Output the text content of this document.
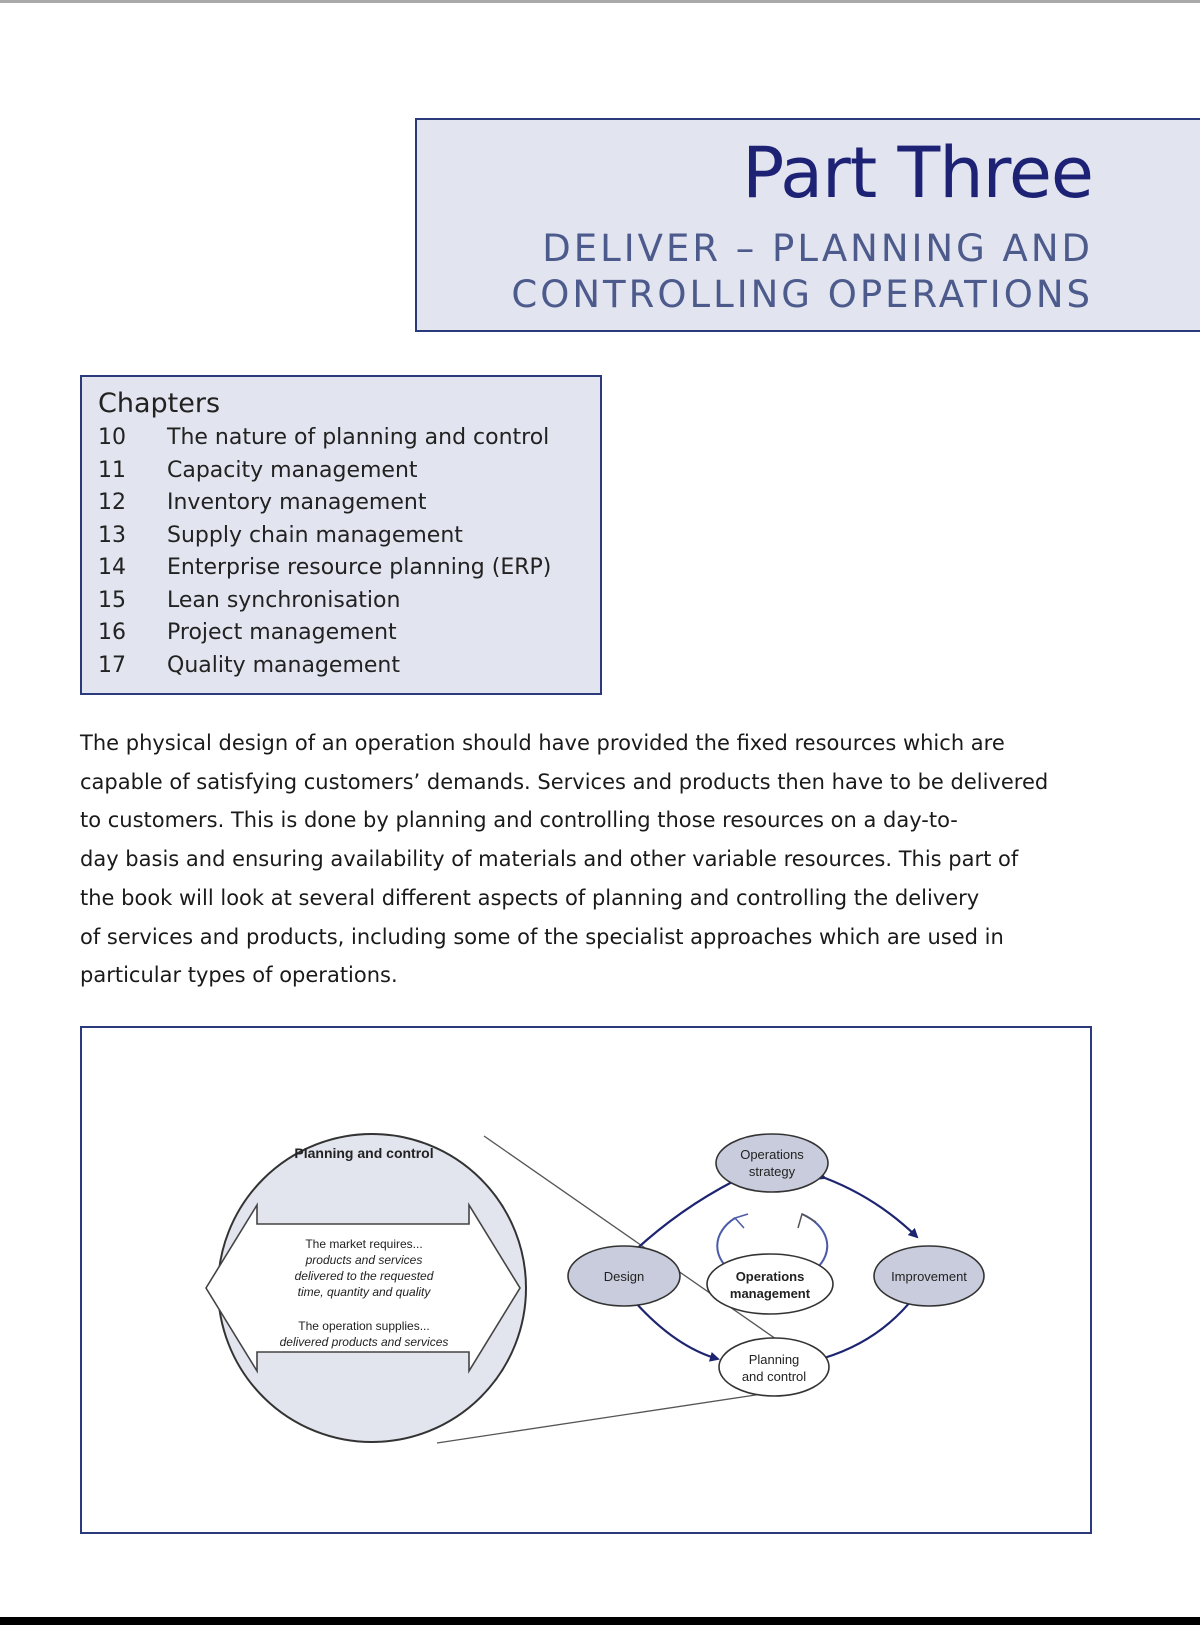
Part Three
DELIVER – PLANNING AND
CONTROLLING OPERATIONS
Chapters
10	The nature of planning and control
11	Capacity management
12	Inventory management
13	Supply chain management
14	Enterprise resource planning (ERP)
15	Lean synchronisation
16	Project management
17	Quality management

The physical design of an operation should have provided the fixed resources which are
capable of satisfying customers’ demands. Services and products then have to be delivered
to customers. This is done by planning and controlling those resources on a day-to-
day basis and ensuring availability of materials and other variable resources. This part of
the book will look at several different aspects of planning and controlling the delivery
of services and products, including some of the specialist approaches which are used in
particular types of operations.

Planning and control
The market requires...
products and services
delivered to the requested
time, quantity and quality
The operation supplies...
delivered products and services
Operations
strategy
Design	Improvement
Operations
management
Planning
and control
